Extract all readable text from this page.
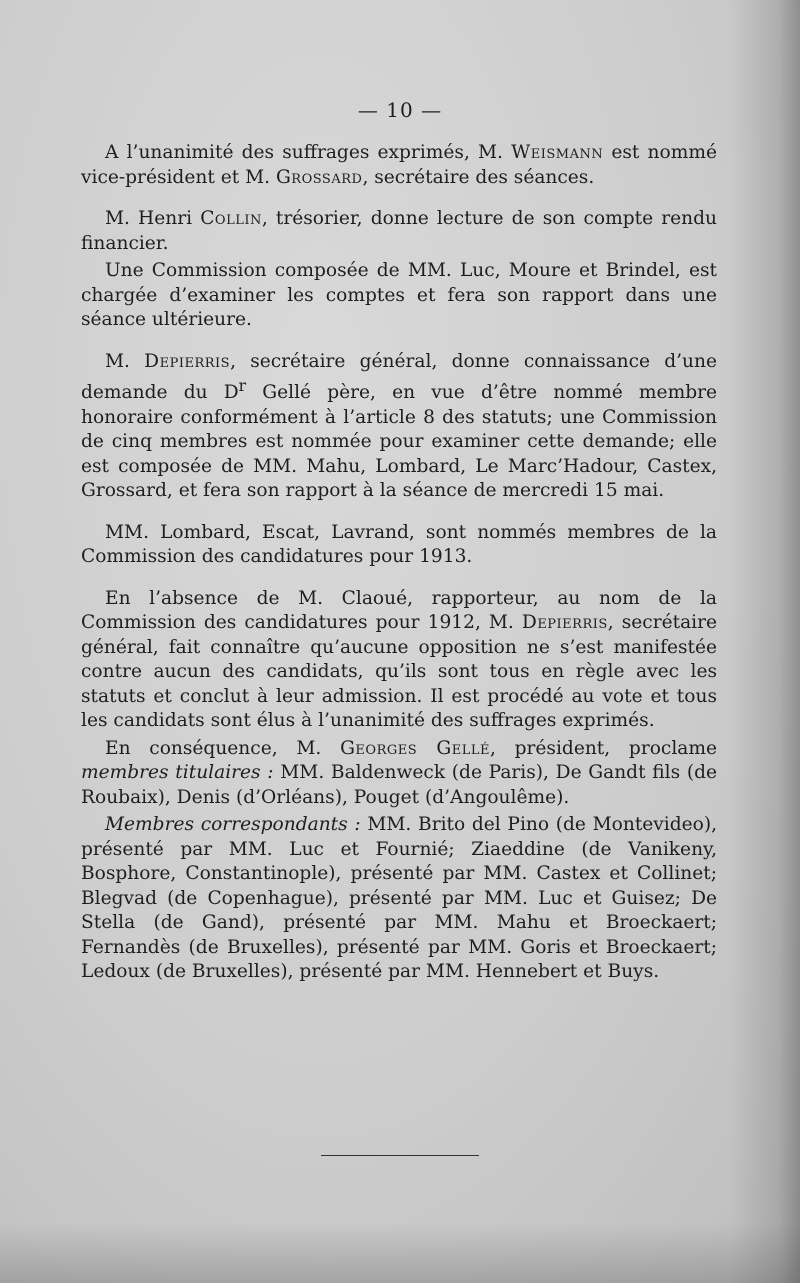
— 10 —

A l’unanimité des suffrages exprimés, M. Weismann est nommé vice-président et M. Grossard, secrétaire des séances.

M. Henri Collin, trésorier, donne lecture de son compte rendu financier.

Une Commission composée de MM. Luc, Moure et Brindel, est chargée d’examiner les comptes et fera son rapport dans une séance ultérieure.

M. Depierris, secrétaire général, donne connaissance d’une demande du $D^r$ Gellé père, en vue d’être nommé membre honoraire conformément à l’article 8 des statuts; une Commission de cinq membres est nommée pour examiner cette demande; elle est composée de MM. Mahu, Lombard, Le Marc’Hadour, Castex, Grossard, et fera son rapport à la séance de mercredi 15 mai.

MM. Lombard, Escat, Lavrand, sont nommés membres de la Commission des candidatures pour 1913.

En l’absence de M. Claoué, rapporteur, au nom de la Commission des candidatures pour 1912, M. Depierris, secrétaire général, fait connaître qu’aucune opposition ne s’est manifestée contre aucun des candidats, qu’ils sont tous en règle avec les statuts et conclut à leur admission. Il est procédé au vote et tous les candidats sont élus à l’unanimité des suffrages exprimés.

En conséquence, M. Georges Gellé, président, proclame membres titulaires : MM. Baldenweck (de Paris), De Gandt fils (de Roubaix), Denis (d’Orléans), Pouget (d’Angoulême).

Membres correspondants : MM. Brito del Pino (de Montevideo), présenté par MM. Luc et Fournié; Ziaeddine (de Vanikeny, Bosphore, Constantinople), présenté par MM. Castex et Collinet; Blegvad (de Copenhague), présenté par MM. Luc et Guisez; De Stella (de Gand), présenté par MM. Mahu et Broeckaert; Fernandès (de Bruxelles), présenté par MM. Goris et Broeckaert; Ledoux (de Bruxelles), présenté par MM. Hennebert et Buys.
